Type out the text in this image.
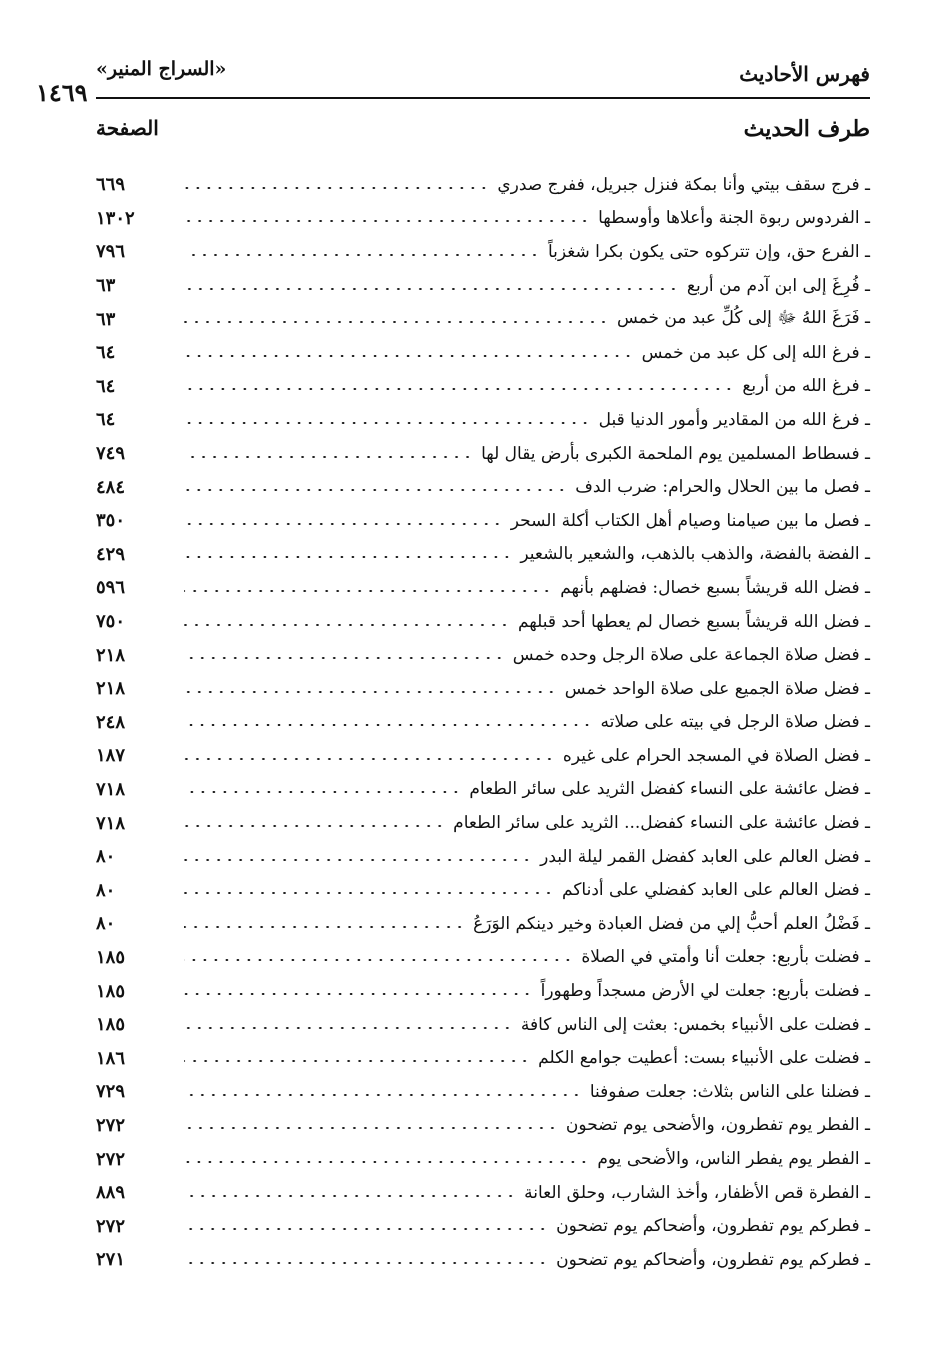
«السراج المنير»	فهرس الأحاديث
١٤٦٩
الصفحة	طرف الحديث
ـ فرج سقف بيتي وأنا بمكة فنزل جبريل، ففرج صدري
٦٦٩
ـ الفردوس ربوة الجنة وأعلاها وأوسطها
١٣٠٢
ـ الفرع حق، وإن تتركوه حتى يكون بكرا شغزباً
٧٩٦
ـ فُرِغَ إلى ابن آدم من أربع
٦٣
ـ فَرَغَ اللهُ ﷻ إلى كُلِّ عبد من خمس
٦٣
ـ فرغ الله إلى كل عبد من خمس
٦٤
ـ فرغ الله من أربع
٦٤
ـ فرغ الله من المقادير وأمور الدنيا قبل
٦٤
ـ فسطاط المسلمين يوم الملحمة الكبرى بأرض يقال لها
٧٤٩
ـ فصل ما بين الحلال والحرام: ضرب الدف
٤٨٤
ـ فصل ما بين صيامنا وصيام أهل الكتاب أكلة السحر
٣٥٠
ـ الفضة بالفضة، والذهب بالذهب، والشعير بالشعير
٤٢٩
ـ فضل الله قريشاً بسبع خصال: فضلهم بأنهم
٥٩٦
ـ فضل الله قريشاً بسبع خصال لم يعطها أحد قبلهم
٧٥٠
ـ فضل صلاة الجماعة على صلاة الرجل وحده خمس
٢١٨
ـ فضل صلاة الجميع على صلاة الواحد خمس
٢١٨
ـ فضل صلاة الرجل في بيته على صلاته
٢٤٨
ـ فضل الصلاة في المسجد الحرام على غيره
١٨٧
ـ فضل عائشة على النساء كفضل الثريد على سائر الطعام
٧١٨
ـ فضل عائشة على النساء كفضل... الثريد على سائر الطعام
٧١٨
ـ فضل العالم على العابد كفضل القمر ليلة البدر
٨٠
ـ فضل العالم على العابد كفضلي على أدناكم
٨٠
ـ فَضْلُ العلم أحبُّ إلي من فضل العبادة وخير دينكم الوَرَعُ
٨٠
ـ فضلت بأربع: جعلت أنا وأمتي في الصلاة
١٨٥
ـ فضلت بأربع: جعلت لي الأرض مسجداً وطهوراً
١٨٥
ـ فضلت على الأنبياء بخمس: بعثت إلى الناس كافة
١٨٥
ـ فضلت على الأنبياء بست: أعطيت جوامع الكلم
١٨٦
ـ فضلنا على الناس بثلاث: جعلت صفوفنا
٧٢٩
ـ الفطر يوم تفطرون، والأضحى يوم تضحون
٢٧٢
ـ الفطر يوم يفطر الناس، والأضحى يوم
٢٧٢
ـ الفطرة قص الأظفار، وأخذ الشارب، وحلق العانة
٨٨٩
ـ فطركم يوم تفطرون، وأضحاكم يوم تضحون
٢٧٢
ـ فطركم يوم تفطرون، وأضحاكم يوم تضحون
٢٧١
